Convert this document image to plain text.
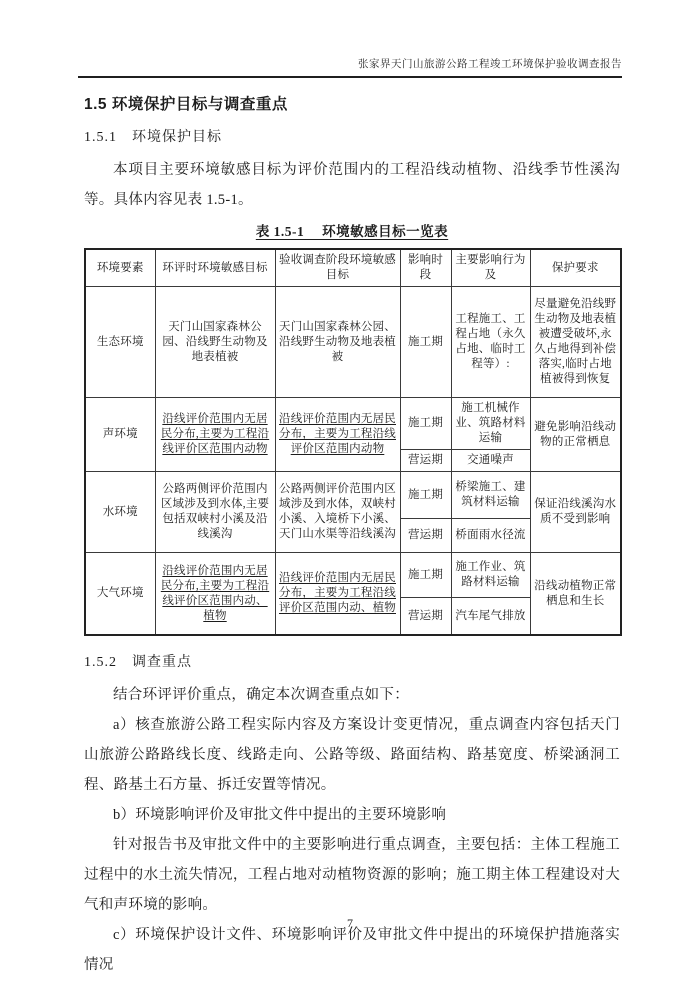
张家界天门山旅游公路工程竣工环境保护验收调查报告
1.5 环境保护目标与调查重点
1.5.1　环境保护目标

本项目主要环境敏感目标为评价范围内的工程沿线动植物、沿线季节性溪沟等。具体内容见表 1.5-1。

表 1.5-1　 环境敏感目标一览表
环境要素	环评时环境敏感目标	验收调查阶段环境敏感目标	影响时段	主要影响行为及	保护要求
生态环境	天门山国家森林公园、沿线野生动物及地表植被	天门山国家森林公园、沿线野生动物及地表植被	施工期	工程施工、工程占地（永久占地、临时工程等）:	尽量避免沿线野生动物及地表植被遭受破坏,永久占地得到补偿落实,临时占地植被得到恢复
声环境	沿线评价范围内无居民分布,主要为工程沿线评价区范围内动物	沿线评价范围内无居民分布，主要为工程沿线评价区范围内动物	施工期	施工机械作业、筑路材料运输	避免影响沿线动物的正常栖息
			营运期	交通噪声	
水环境	公路两侧评价范围内区域涉及到水体,主要包括双峡村小溪及沿线溪沟	公路两侧评价范围内区域涉及到水体，双峡村小溪、入境桥下小溪、天门山水渠等沿线溪沟	施工期	桥梁施工、建筑材料运输	保证沿线溪沟水质不受到影响
			营运期	桥面雨水径流	
大气环境	沿线评价范围内无居民分布,主要为工程沿线评价区范围内动、植物	沿线评价范围内无居民分布，主要为工程沿线评价区范围内动、植物	施工期	施工作业、筑路材料运输	沿线动植物正常栖息和生长
			营运期	汽车尾气排放	
1.5.2　调查重点

结合环评评价重点，确定本次调查重点如下：

a）核查旅游公路工程实际内容及方案设计变更情况，重点调查内容包括天门山旅游公路路线长度、线路走向、公路等级、路面结构、路基宽度、桥梁涵洞工程、路基土石方量、拆迁安置等情况。

b）环境影响评价及审批文件中提出的主要环境影响

针对报告书及审批文件中的主要影响进行重点调查，主要包括：主体工程施工过程中的水土流失情况，工程占地对动植物资源的影响；施工期主体工程建设对大气和声环境的影响。

c）环境保护设计文件、环境影响评价及审批文件中提出的环境保护措施落实情况

7
